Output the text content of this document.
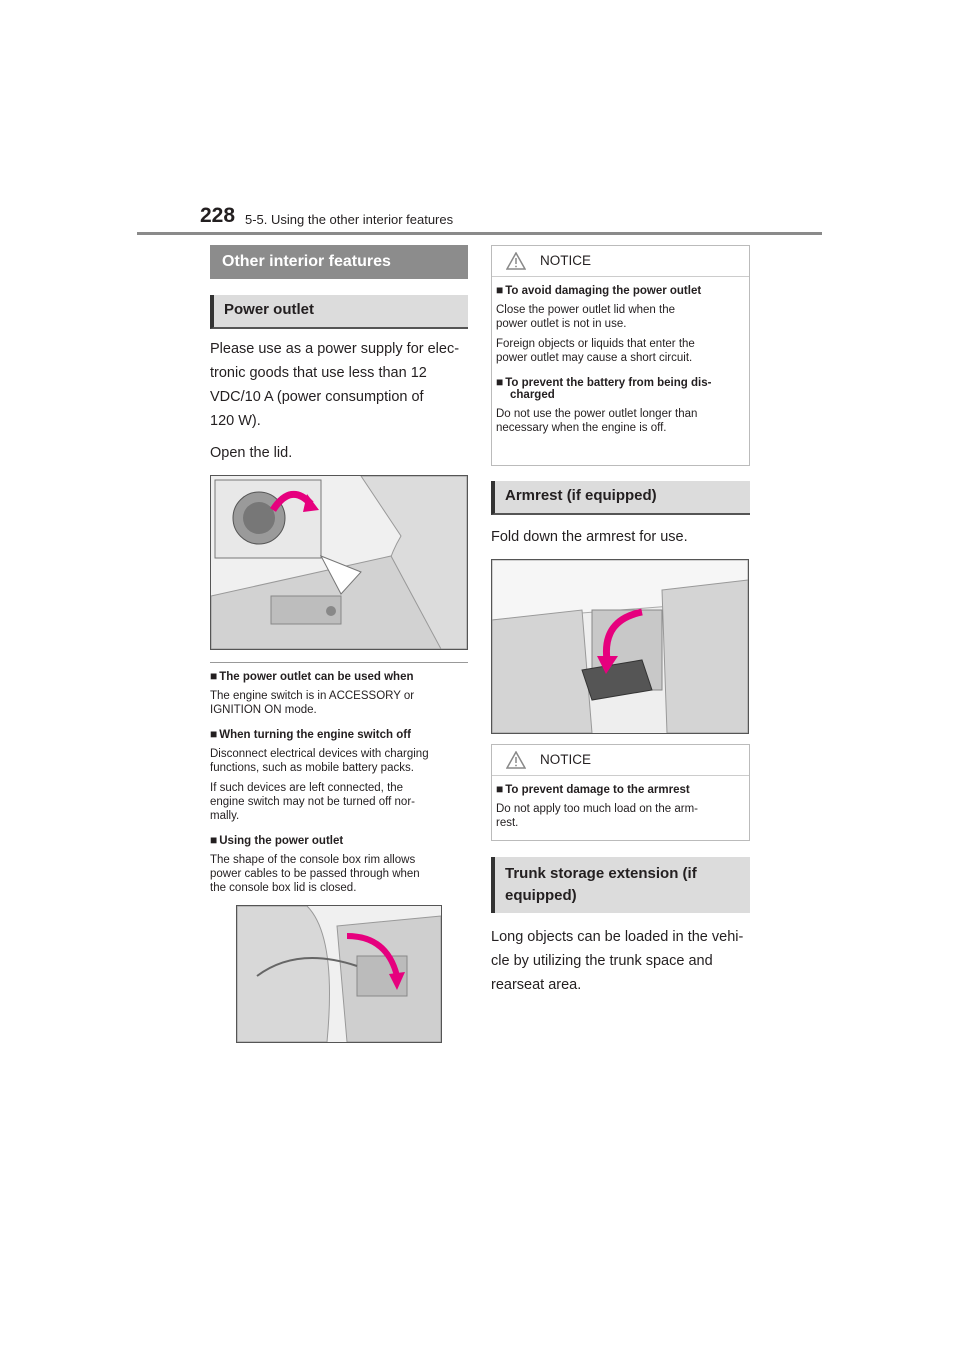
228 5-5. Using the other interior features
Other interior features
Power outlet

Please use as a power supply for elec-
tronic goods that use less than 12
VDC/10 A (power consumption of
120 W).

Open the lid.

■ The power outlet can be used when

The engine switch is in ACCESSORY or
IGNITION ON mode.

■ When turning the engine switch off

Disconnect electrical devices with charging
functions, such as mobile battery packs.

If such devices are left connected, the
engine switch may not be turned off nor-
mally.

■ Using the power outlet

The shape of the console box rim allows
power cables to be passed through when
the console box lid is closed.

NOTICE

■ To avoid damaging the power outlet

Close the power outlet lid when the
power outlet is not in use.

Foreign objects or liquids that enter the
power outlet may cause a short circuit.

■ To prevent the battery from being dis-
charged

Do not use the power outlet longer than
necessary when the engine is off.

Armrest (if equipped)

Fold down the armrest for use.

NOTICE

■ To prevent damage to the armrest

Do not apply too much load on the arm-
rest.

Trunk storage extension (if
equipped)

Long objects can be loaded in the vehi-
cle by utilizing the trunk space and
rearseat area.
